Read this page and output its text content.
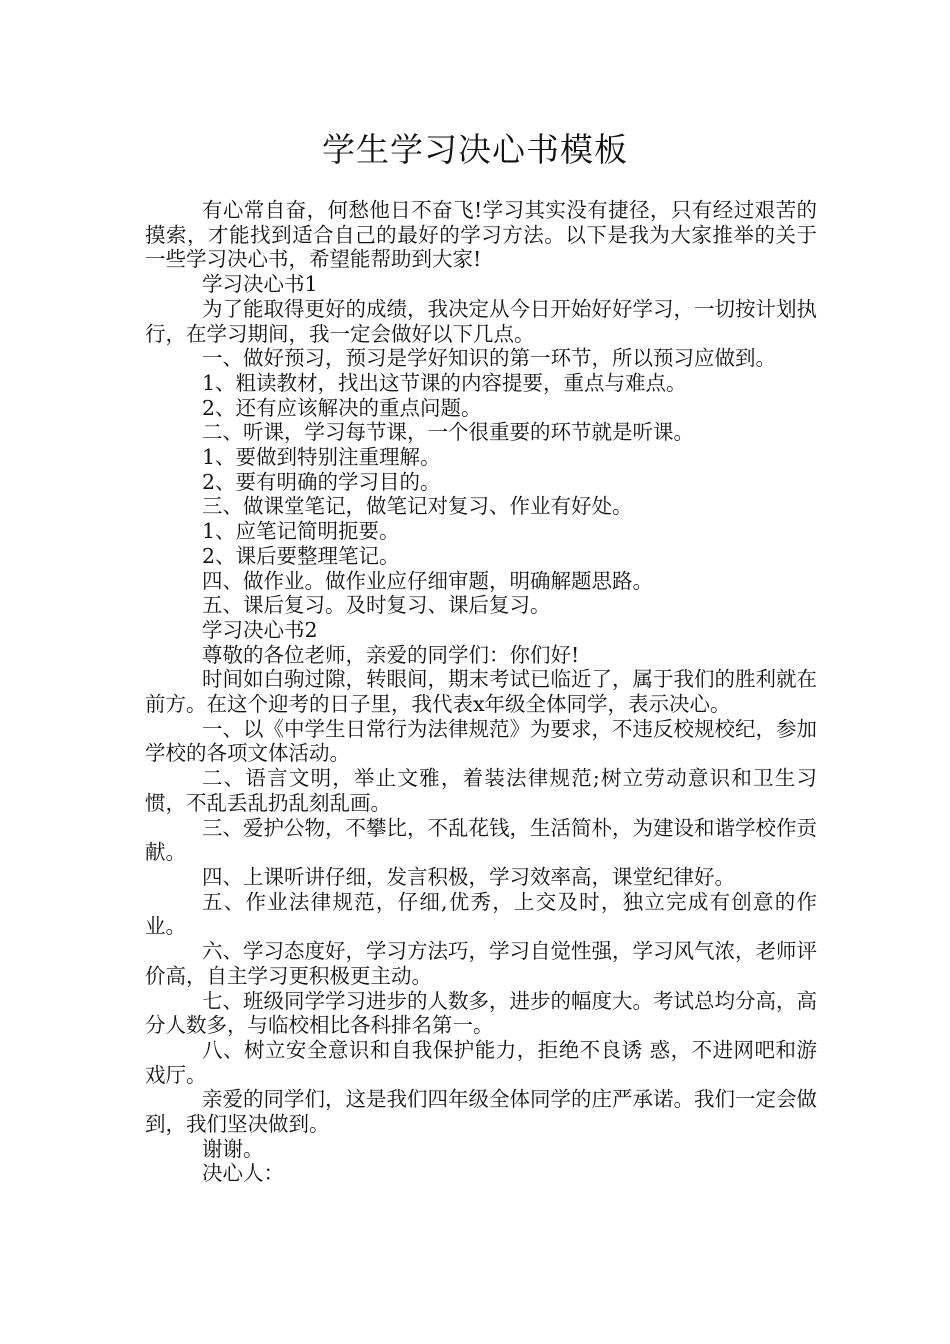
学生学习决心书模板

有心常自奋，何愁他日不奋飞!学习其实没有捷径，只有经过艰苦的摸索，才能找到适合自己的最好的学习方法。以下是我为大家推举的关于一些学习决心书，希望能帮助到大家!

学习决心书1

为了能取得更好的成绩，我决定从今日开始好好学习，一切按计划执行，在学习期间，我一定会做好以下几点。

一、做好预习，预习是学好知识的第一环节，所以预习应做到。

1、粗读教材，找出这节课的内容提要，重点与难点。

2、还有应该解决的重点问题。

二、听课，学习每节课，一个很重要的环节就是听课。

1、要做到特别注重理解。

2、要有明确的学习目的。

三、做课堂笔记，做笔记对复习、作业有好处。

1、应笔记简明扼要。

2、课后要整理笔记。

四、做作业。做作业应仔细审题，明确解题思路。

五、课后复习。及时复习、课后复习。

学习决心书2

尊敬的各位老师，亲爱的同学们：你们好!

时间如白驹过隙，转眼间，期末考试已临近了，属于我们的胜利就在前方。在这个迎考的日子里，我代表x年级全体同学，表示决心。

一、以《中学生日常行为法律规范》为要求，不违反校规校纪，参加学校的各项文体活动。

二、语言文明，举止文雅，着装法律规范;树立劳动意识和卫生习惯，不乱丢乱扔乱刻乱画。

三、爱护公物，不攀比，不乱花钱，生活简朴，为建设和谐学校作贡献。

四、上课听讲仔细，发言积极，学习效率高，课堂纪律好。

五、作业法律规范，仔细,优秀，上交及时，独立完成有创意的作业。

六、学习态度好，学习方法巧，学习自觉性强，学习风气浓，老师评价高，自主学习更积极更主动。

七、班级同学学习进步的人数多，进步的幅度大。考试总均分高，高分人数多，与临校相比各科排名第一。

八、树立安全意识和自我保护能力，拒绝不良诱 惑，不进网吧和游戏厅。

亲爱的同学们，这是我们四年级全体同学的庄严承诺。我们一定会做到，我们坚决做到。

谢谢。

决心人：
